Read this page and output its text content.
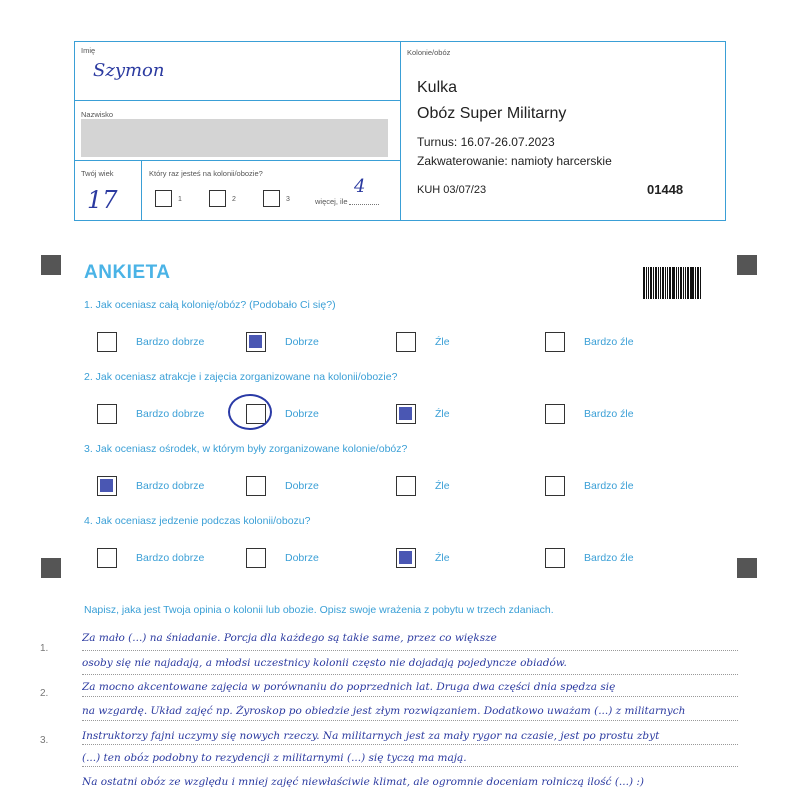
Imię
Szymon
Nazwisko
Twój wiek
17
Który raz jesteś na kolonii/obozie?
1	2	3	więcej, ile
4
Kolonie/obóz
Kulka
Obóz Super Militarny
Turnus: 16.07-26.07.2023
Zakwaterowanie: namioty harcerskie
KUH 03/07/23	01448
ANKIETA
1. Jak oceniasz całą kolonię/obóz? (Podobało Ci się?)
Bardzo dobrze	Dobrze	Źle	Bardzo źle
2. Jak oceniasz atrakcje i zajęcia zorganizowane na kolonii/obozie?
Bardzo dobrze	Dobrze	Źle	Bardzo źle
3. Jak oceniasz ośrodek, w którym były zorganizowane kolonie/obóz?
Bardzo dobrze	Dobrze	Źle	Bardzo źle
4. Jak oceniasz jedzenie podczas kolonii/obozu?
Bardzo dobrze	Dobrze	Źle	Bardzo źle
Napisz, jaka jest Twoja opinia o kolonii lub obozie. Opisz swoje wrażenia z pobytu w trzech zdaniach.
1.
2.
3.
Za mało (...) na śniadanie. Porcja dla każdego są takie same, przez co większe
osoby się nie najadają, a młodsi uczestnicy kolonii często nie dojadają pojedyncze obiadów.
Za mocno akcentowane zajęcia w porównaniu do poprzednich lat. Druga dwa części dnia spędza się
na wzgardę. Układ zajęć np. Żyroskop po obiedzie jest złym rozwiązaniem. Dodatkowo uważam (...) z militarnych
Instruktorzy fajni uczymy się nowych rzeczy. Na militarnych jest za mały rygor na czasie, jest po prostu zbyt
(...) ten obóz podobny to rezydencji z militarnymi (...) się tyczą ma mają.
Na ostatni obóz ze względu i mniej zajęć niewłaściwie klimat, ale ogromnie doceniam rolniczą ilość (...) :)
